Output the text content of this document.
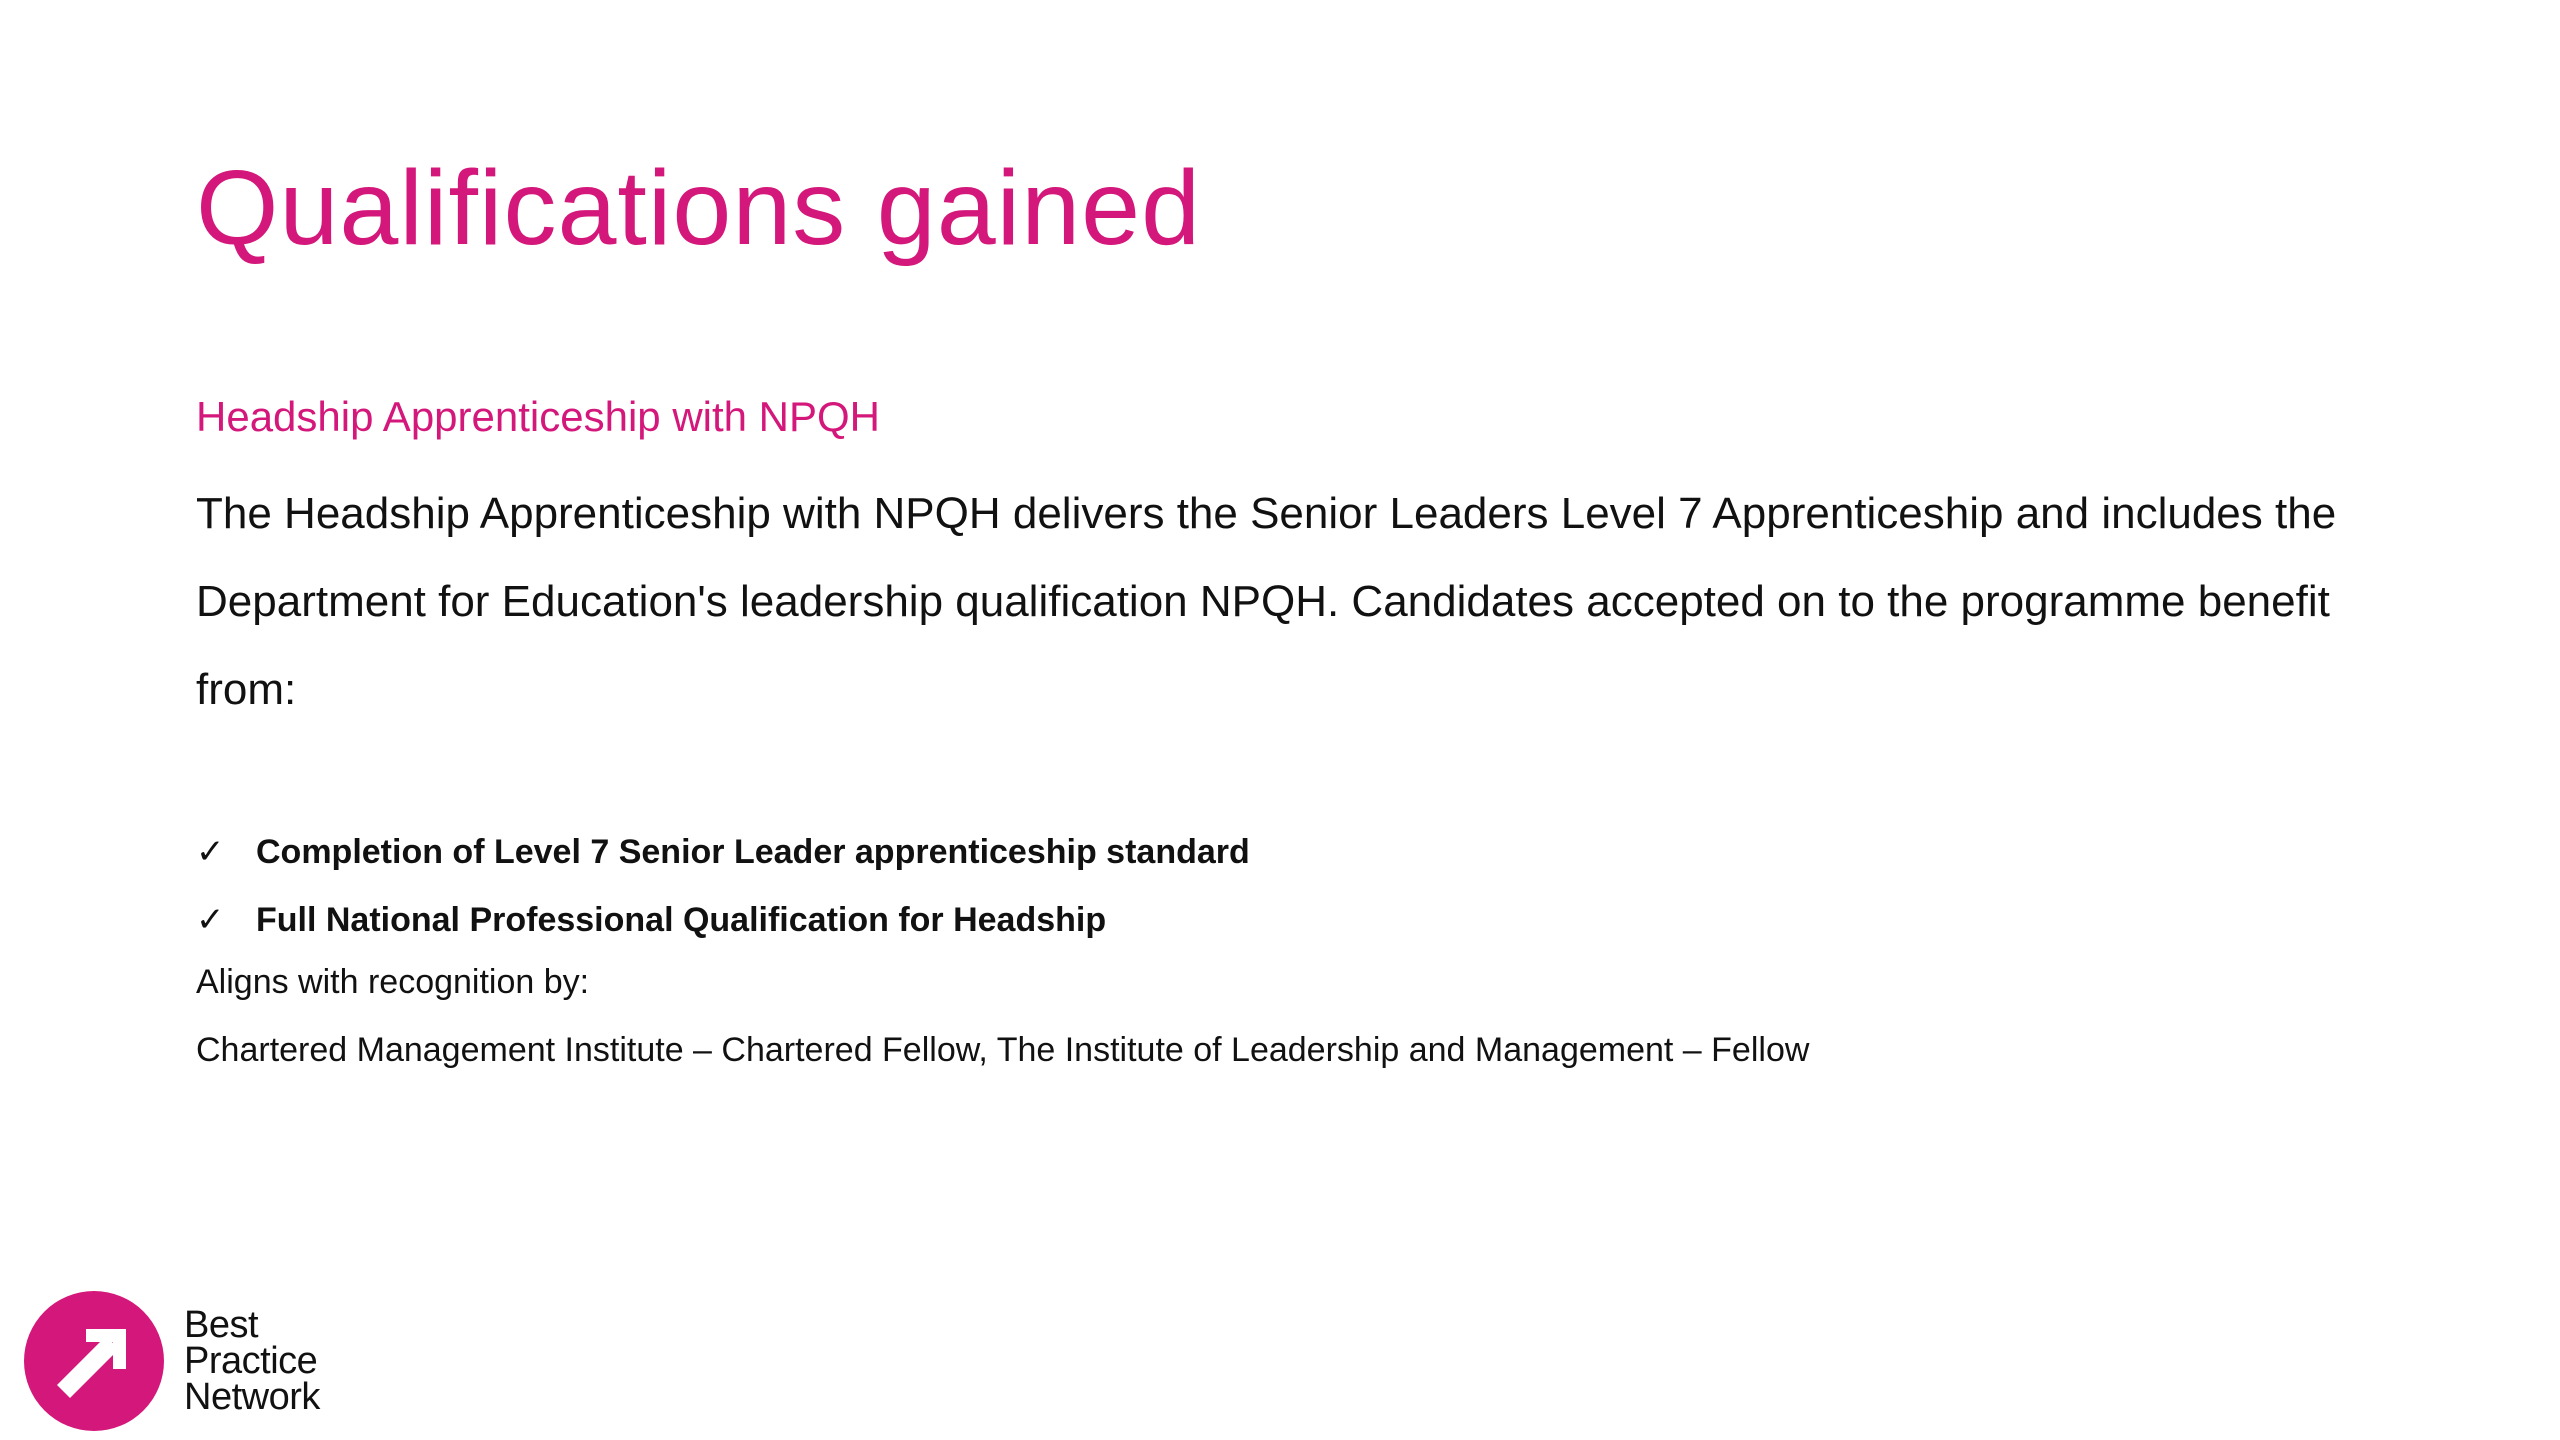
Qualifications gained
Headship Apprenticeship with NPQH

The Headship Apprenticeship with NPQH delivers the Senior Leaders Level 7 Apprenticeship and includes the Department for Education's leadership qualification NPQH. Candidates accepted on to the programme benefit from:

✓ Completion of Level 7 Senior Leader apprenticeship standard
✓ Full National Professional Qualification for Headship
Aligns with recognition by:
Chartered Management Institute – Chartered Fellow, The Institute of Leadership and Management – Fellow
Best
Practice
Network
